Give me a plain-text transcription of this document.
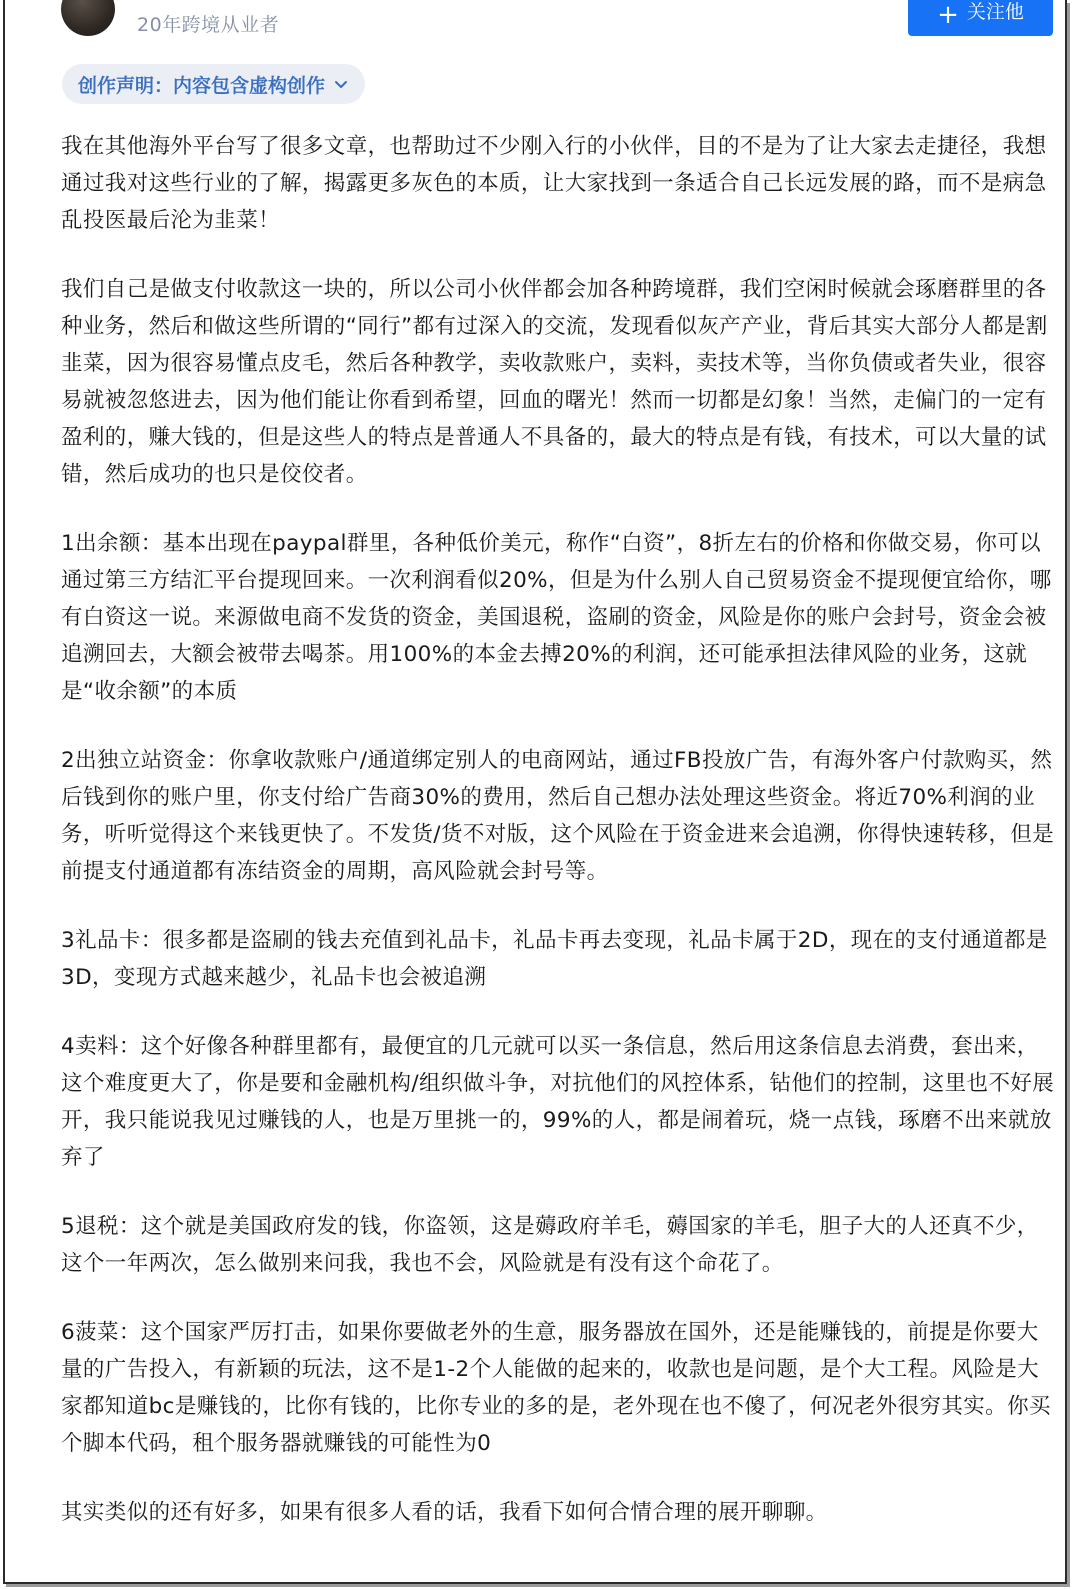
20年跨境从业者	+ 关注他
创作声明：内容包含虚构创作

我在其他海外平台写了很多文章，也帮助过不少刚入行的小伙伴，目的不是为了让大家去走捷径，我想通过我对这些行业的了解，揭露更多灰色的本质，让大家找到一条适合自己长远发展的路，而不是病急乱投医最后沦为韭菜！

我们自己是做支付收款这一块的，所以公司小伙伴都会加各种跨境群，我们空闲时候就会琢磨群里的各种业务，然后和做这些所谓的“同行”都有过深入的交流，发现看似灰产产业，背后其实大部分人都是割韭菜，因为很容易懂点皮毛，然后各种教学，卖收款账户，卖料，卖技术等，当你负债或者失业，很容易就被忽悠进去，因为他们能让你看到希望，回血的曙光！然而一切都是幻象！当然，走偏门的一定有盈利的，赚大钱的，但是这些人的特点是普通人不具备的，最大的特点是有钱，有技术，可以大量的试错，然后成功的也只是佼佼者。

1出余额：基本出现在paypal群里，各种低价美元，称作“白资”，8折左右的价格和你做交易，你可以通过第三方结汇平台提现回来。一次利润看似20%，但是为什么别人自己贸易资金不提现便宜给你，哪有白资这一说。来源做电商不发货的资金，美国退税，盗刷的资金，风险是你的账户会封号，资金会被追溯回去，大额会被带去喝茶。用100%的本金去搏20%的利润，还可能承担法律风险的业务，这就是“收余额”的本质

2出独立站资金：你拿收款账户/通道绑定别人的电商网站，通过FB投放广告，有海外客户付款购买，然后钱到你的账户里，你支付给广告商30%的费用，然后自己想办法处理这些资金。将近70%利润的业务，听听觉得这个来钱更快了。不发货/货不对版，这个风险在于资金进来会追溯，你得快速转移，但是前提支付通道都有冻结资金的周期，高风险就会封号等。

3礼品卡：很多都是盗刷的钱去充值到礼品卡，礼品卡再去变现，礼品卡属于2D，现在的支付通道都是3D，变现方式越来越少，礼品卡也会被追溯

4卖料：这个好像各种群里都有，最便宜的几元就可以买一条信息，然后用这条信息去消费，套出来，这个难度更大了，你是要和金融机构/组织做斗争，对抗他们的风控体系，钻他们的控制，这里也不好展开，我只能说我见过赚钱的人，也是万里挑一的，99%的人，都是闹着玩，烧一点钱，琢磨不出来就放弃了

5退税：这个就是美国政府发的钱，你盗领，这是薅政府羊毛，薅国家的羊毛，胆子大的人还真不少，这个一年两次，怎么做别来问我，我也不会，风险就是有没有这个命花了。

6菠菜：这个国家严厉打击，如果你要做老外的生意，服务器放在国外，还是能赚钱的，前提是你要大量的广告投入，有新颖的玩法，这不是1-2个人能做的起来的，收款也是问题，是个大工程。风险是大家都知道bc是赚钱的，比你有钱的，比你专业的多的是，老外现在也不傻了，何况老外很穷其实。你买个脚本代码，租个服务器就赚钱的可能性为0

其实类似的还有好多，如果有很多人看的话，我看下如何合情合理的展开聊聊。
